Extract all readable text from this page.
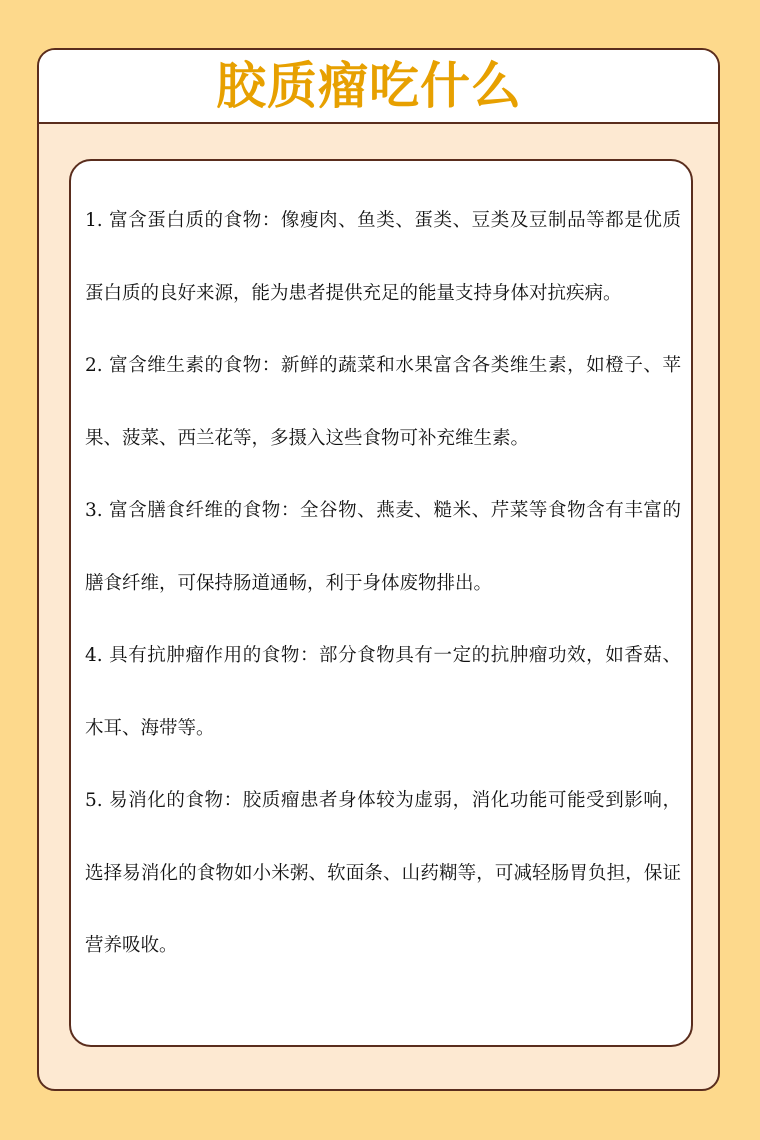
胶质瘤吃什么

1. 富含蛋白质的食物：像瘦肉、鱼类、蛋类、豆类及豆制品等都是优质蛋白质的良好来源，能为患者提供充足的能量支持身体对抗疾病。

2. 富含维生素的食物：新鲜的蔬菜和水果富含各类维生素，如橙子、苹果、菠菜、西兰花等，多摄入这些食物可补充维生素。

3. 富含膳食纤维的食物：全谷物、燕麦、糙米、芹菜等食物含有丰富的膳食纤维，可保持肠道通畅，利于身体废物排出。

4. 具有抗肿瘤作用的食物：部分食物具有一定的抗肿瘤功效，如香菇、木耳、海带等。

5. 易消化的食物：胶质瘤患者身体较为虚弱，消化功能可能受到影响，选择易消化的食物如小米粥、软面条、山药糊等，可减轻肠胃负担，保证营养吸收。
